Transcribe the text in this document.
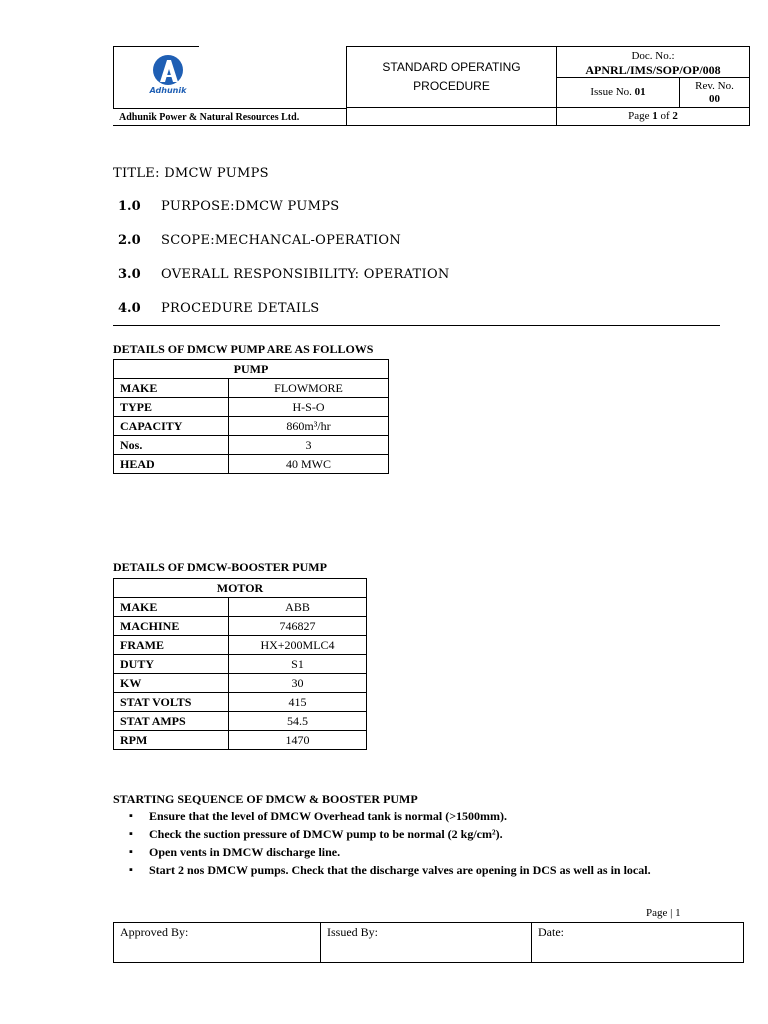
Adhunik
Adhunik Power & Natural Resources Ltd.
STANDARD OPERATING
PROCEDURE
Doc. No.:
APNRL/IMS/SOP/OP/008
Issue No. 01	Rev. No.
00
Page 1 of 2
TITLE: DMCW PUMPS
1.0 PURPOSE:DMCW PUMPS
2.0 SCOPE:MECHANCAL-OPERATION
3.0 OVERALL RESPONSIBILITY: OPERATION
4.0 PROCEDURE DETAILS
DETAILS OF DMCW PUMP ARE AS FOLLOWS
PUMP	
MAKE	FLOWMORE
TYPE	H-S-O
CAPACITY	860m³/hr
Nos.	3
HEAD	40 MWC
DETAILS OF DMCW-BOOSTER PUMP
MOTOR	
MAKE	ABB
MACHINE	746827
FRAME	HX+200MLC4
DUTY	S1
KW	30
STAT VOLTS	415
STAT AMPS	54.5
RPM	1470
STARTING SEQUENCE OF DMCW & BOOSTER PUMP
▪ Ensure that the level of DMCW Overhead tank is normal (>1500mm).
▪ Check the suction pressure of DMCW pump to be normal (2 kg/cm²).
▪ Open vents in DMCW discharge line.
▪ Start 2 nos DMCW pumps. Check that the discharge valves are opening in DCS as well as in local.
Page | 1
Approved By:	Issued By:	Date:
